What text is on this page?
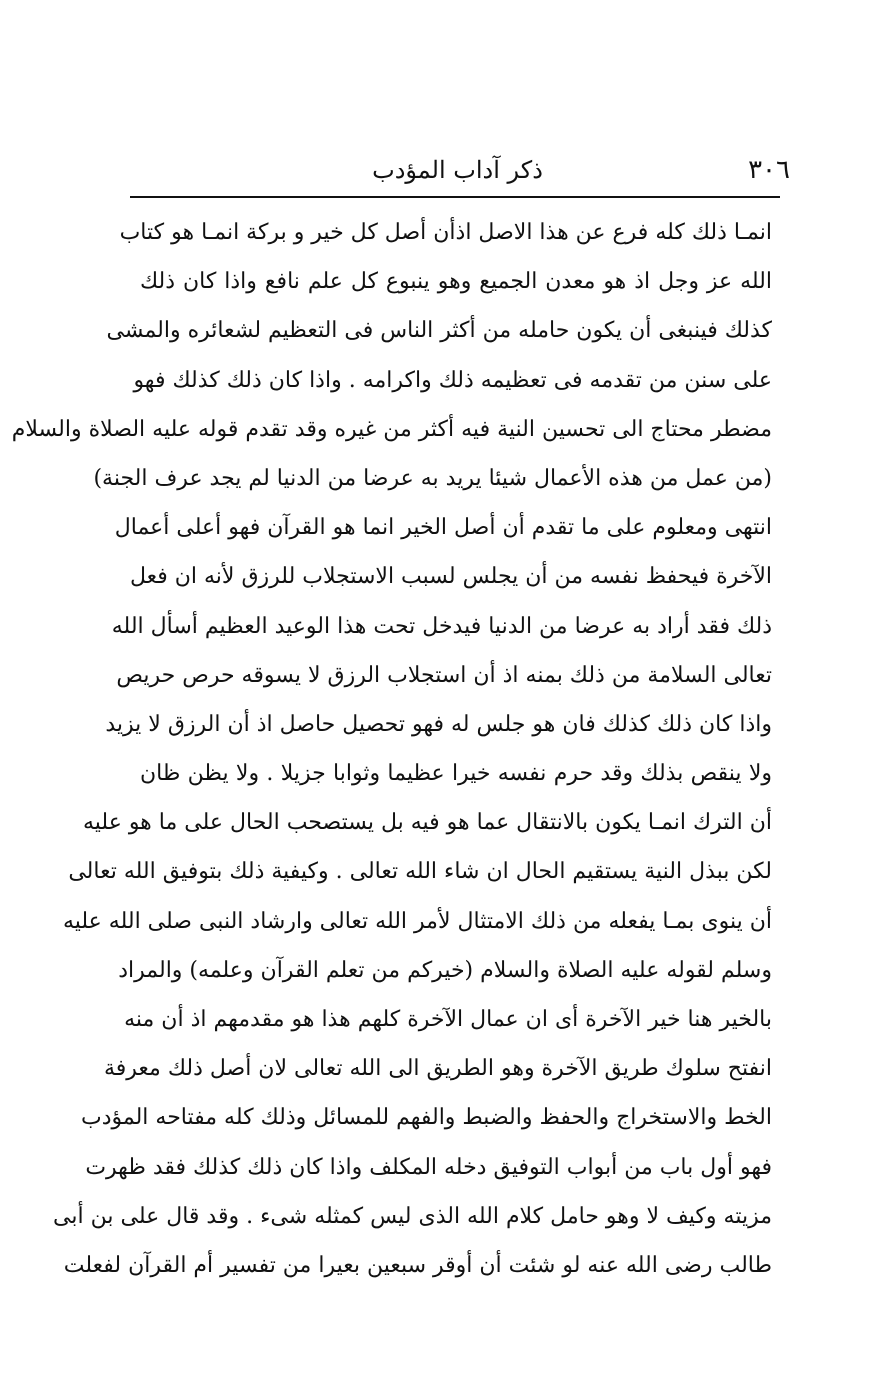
٣٠٦
ذكر آداب المؤدب
انمـا ذلك كله فرع عن هذا الاصل اذأن أصل كل خير و بركة انمـا هو كتاب
الله عز وجل اذ هو معدن الجميع وهو ينبوع كل علم نافع واذا كان ذلك
كذلك فينبغى أن يكون حامله من أكثر الناس فى التعظيم لشعائره والمشى
على سنن من تقدمه فى تعظيمه ذلك واكرامه . واذا كان ذلك كذلك فهو
مضطر محتاج الى تحسين النية فيه أكثر من غيره وقد تقدم قوله عليه الصلاة والسلام
(من عمل من هذه الأعمال شيئا يريد به عرضا من الدنيا لم يجد عرف الجنة)
انتهى ومعلوم على ما تقدم أن أصل الخير انما هو القرآن فهو أعلى أعمال
الآخرة فيحفظ نفسه من أن يجلس لسبب الاستجلاب للرزق لأنه ان فعل
ذلك فقد أراد به عرضا من الدنيا فيدخل تحت هذا الوعيد العظيم أسأل الله
تعالى السلامة من ذلك بمنه اذ أن استجلاب الرزق لا يسوقه حرص حريص
واذا كان ذلك كذلك فان هو جلس له فهو تحصيل حاصل اذ أن الرزق لا يزيد
ولا ينقص بذلك وقد حرم نفسه خيرا عظيما وثوابا جزيلا . ولا يظن ظان
أن الترك انمـا يكون بالانتقال عما هو فيه بل يستصحب الحال على ما هو عليه
لكن ببذل النية يستقيم الحال ان شاء الله تعالى . وكيفية ذلك بتوفيق الله تعالى
أن ينوى بمـا يفعله من ذلك الامتثال لأمر الله تعالى وارشاد النبى صلى الله عليه
وسلم لقوله عليه الصلاة والسلام (خيركم من تعلم القرآن وعلمه) والمراد
بالخير هنا خير الآخرة أى ان عمال الآخرة كلهم هذا هو مقدمهم اذ أن منه
انفتح سلوك طريق الآخرة وهو الطريق الى الله تعالى لان أصل ذلك معرفة
الخط والاستخراج والحفظ والضبط والفهم للمسائل وذلك كله مفتاحه المؤدب
فهو أول باب من أبواب التوفيق دخله المكلف واذا كان ذلك كذلك فقد ظهرت
مزيته وكيف لا وهو حامل كلام الله الذى ليس كمثله شىء . وقد قال على بن أبى
طالب رضى الله عنه لو شئت أن أوقر سبعين بعيرا من تفسير أم القرآن لفعلت
